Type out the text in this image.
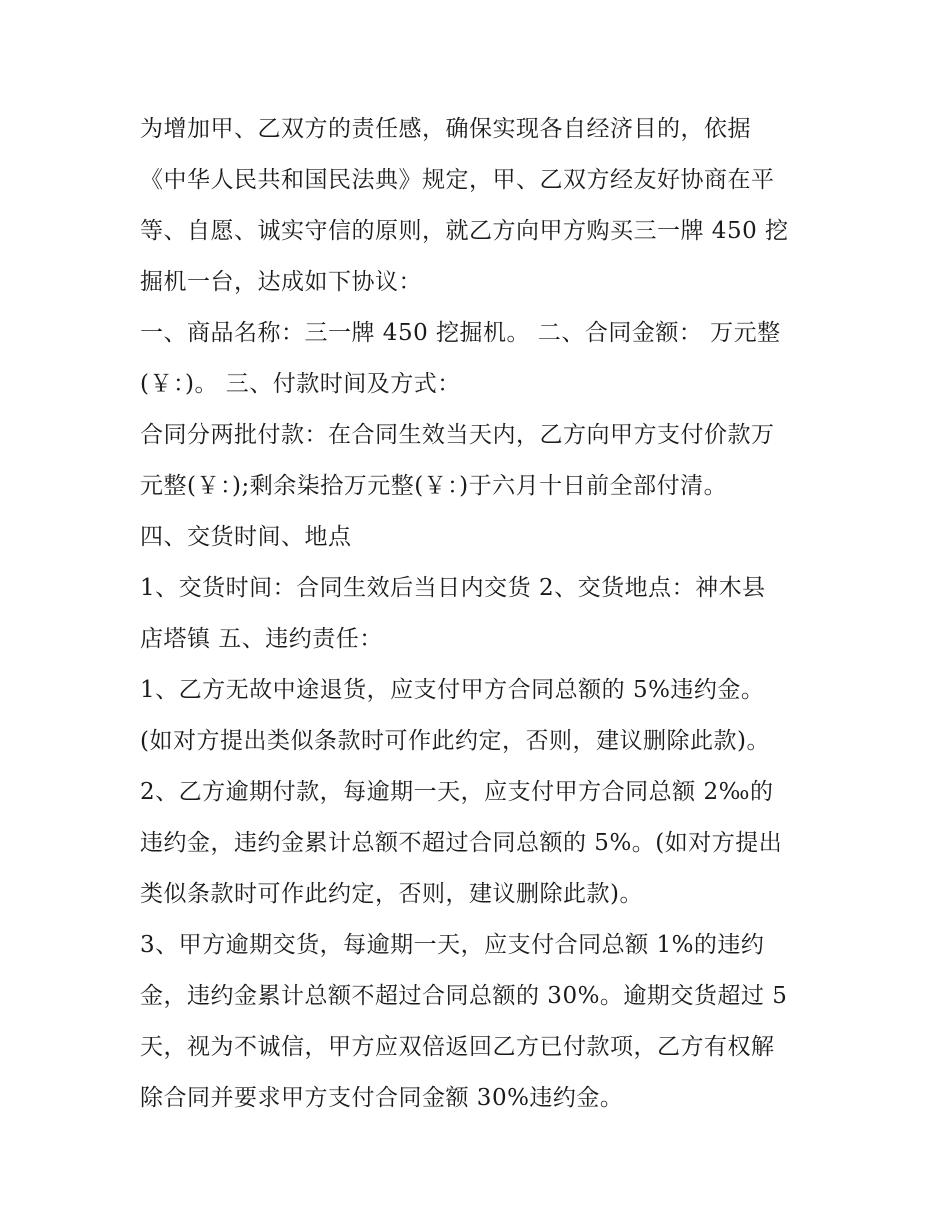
为增加甲、乙双方的责任感，确保实现各自经济目的，依据
《中华人民共和国民法典》规定，甲、乙双方经友好协商在平
等、自愿、诚实守信的原则，就乙方向甲方购买三一牌 450 挖
掘机一台，达成如下协议：
一、商品名称：三一牌 450 挖掘机。 二、合同金额： 万元整
(￥：)。 三、付款时间及方式：
合同分两批付款：在合同生效当天内，乙方向甲方支付价款万
元整(￥：);剩余柒拾万元整(￥：)于六月十日前全部付清。
四、交货时间、地点
1、交货时间：合同生效后当日内交货 2、交货地点：神木县
店塔镇 五、违约责任：
1、乙方无故中途退货，应支付甲方合同总额的 5%违约金。
(如对方提出类似条款时可作此约定，否则，建议删除此款)。
2、乙方逾期付款，每逾期一天，应支付甲方合同总额 2‰的
违约金，违约金累计总额不超过合同总额的 5%。(如对方提出
类似条款时可作此约定，否则，建议删除此款)。
3、甲方逾期交货，每逾期一天，应支付合同总额 1%的违约
金，违约金累计总额不超过合同总额的 30%。逾期交货超过 5
天，视为不诚信，甲方应双倍返回乙方已付款项，乙方有权解
除合同并要求甲方支付合同金额 30%违约金。
